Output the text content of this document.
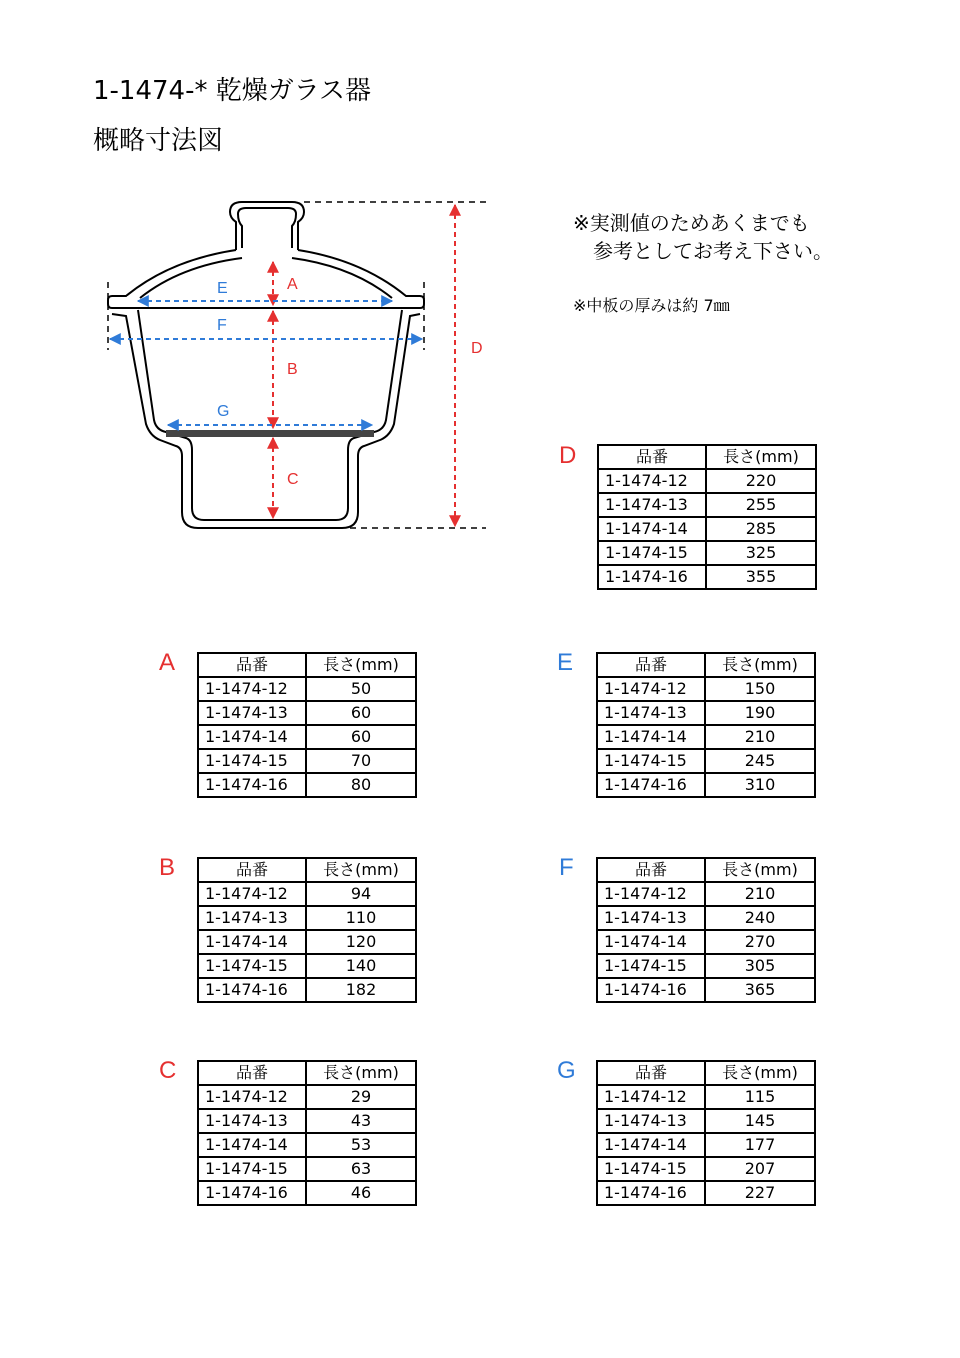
1-1474-* 乾燥ガラス器
概略寸法図
※実測値のためあくまでも
　参考としてお考え下さい。
※中板の厚みは約 7㎜
A
B
C
D
E
F
G
D	品番	長さ(mm)
1-1474-12	220
1-1474-13	255
1-1474-14	285
1-1474-15	325
1-1474-16	355
A	品番	長さ(mm)
1-1474-12	50
1-1474-13	60
1-1474-14	60
1-1474-15	70
1-1474-16	80
E	品番	長さ(mm)
1-1474-12	150
1-1474-13	190
1-1474-14	210
1-1474-15	245
1-1474-16	310
B	品番	長さ(mm)
1-1474-12	94
1-1474-13	110
1-1474-14	120
1-1474-15	140
1-1474-16	182
F	品番	長さ(mm)
1-1474-12	210
1-1474-13	240
1-1474-14	270
1-1474-15	305
1-1474-16	365
C	品番	長さ(mm)
1-1474-12	29
1-1474-13	43
1-1474-14	53
1-1474-15	63
1-1474-16	46
G	品番	長さ(mm)
1-1474-12	115
1-1474-13	145
1-1474-14	177
1-1474-15	207
1-1474-16	227
